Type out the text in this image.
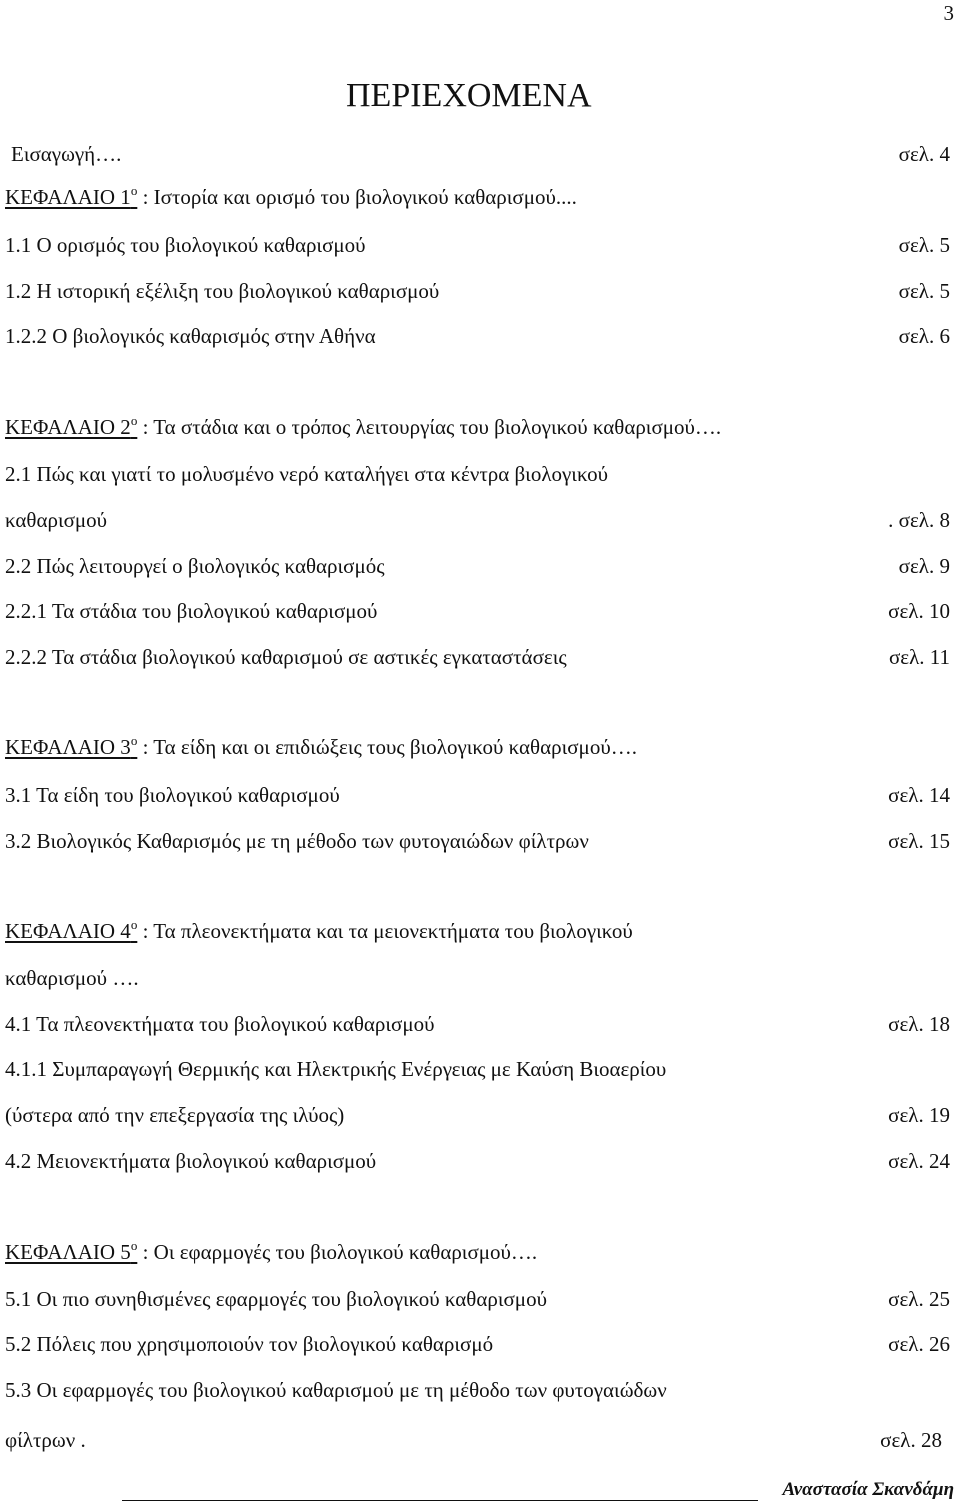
3
ΠΕΡΙΕΧΟΜΕΝΑ
Εισαγωγή….	σελ. 4
ΚΕΦΑΛΑΙΟ $1^o$ : Ιστορία και ορισμό του βιολογικού καθαρισμού....
1.1 Ο ορισμός του βιολογικού καθαρισμού	σελ. 5
1.2 Η ιστορική εξέλιξη του βιολογικού καθαρισμού	σελ. 5
1.2.2 Ο βιολογικός καθαρισμός στην Αθήνα	σελ. 6
ΚΕΦΑΛΑΙΟ $2^o$ : Τα στάδια και ο τρόπος λειτουργίας του βιολογικού καθαρισμού….
2.1 Πώς και γιατί το μολυσμένο νερό καταλήγει στα κέντρα βιολογικού
καθαρισμού	. σελ. 8
2.2 Πώς λειτουργεί ο βιολογικός καθαρισμός	σελ. 9
2.2.1 Τα στάδια του βιολογικού καθαρισμού	σελ. 10
2.2.2 Τα στάδια βιολογικού καθαρισμού σε αστικές εγκαταστάσεις	σελ. 11
ΚΕΦΑΛΑΙΟ $3^o$ : Τα είδη και οι επιδιώξεις τους βιολογικού καθαρισμού….
3.1 Τα είδη του βιολογικού καθαρισμού	σελ. 14
3.2 Βιολογικός Καθαρισμός με τη μέθοδο των φυτογαιώδων φίλτρων	σελ. 15
ΚΕΦΑΛΑΙΟ $4^o$ : Τα πλεονεκτήματα και τα μειονεκτήματα του βιολογικού
καθαρισμού ….
4.1 Τα πλεονεκτήματα του βιολογικού καθαρισμού	σελ. 18
4.1.1 Συμπαραγωγή Θερμικής και Ηλεκτρικής Ενέργειας με Καύση Βιοαερίου
(ύστερα από την επεξεργασία της ιλύος)	σελ. 19
4.2 Μειονεκτήματα βιολογικού καθαρισμού	σελ. 24
ΚΕΦΑΛΑΙΟ $5^o$ : Οι εφαρμογές του βιολογικού καθαρισμού….
5.1 Οι πιο συνηθισμένες εφαρμογές του βιολογικού καθαρισμού	σελ. 25
5.2 Πόλεις που χρησιμοποιούν τον βιολογικού καθαρισμό	σελ. 26
5.3 Οι εφαρμογές του βιολογικού καθαρισμού με τη μέθοδο των φυτογαιώδων
φίλτρων .	σελ. 28
Αναστασία Σκανδάμη
